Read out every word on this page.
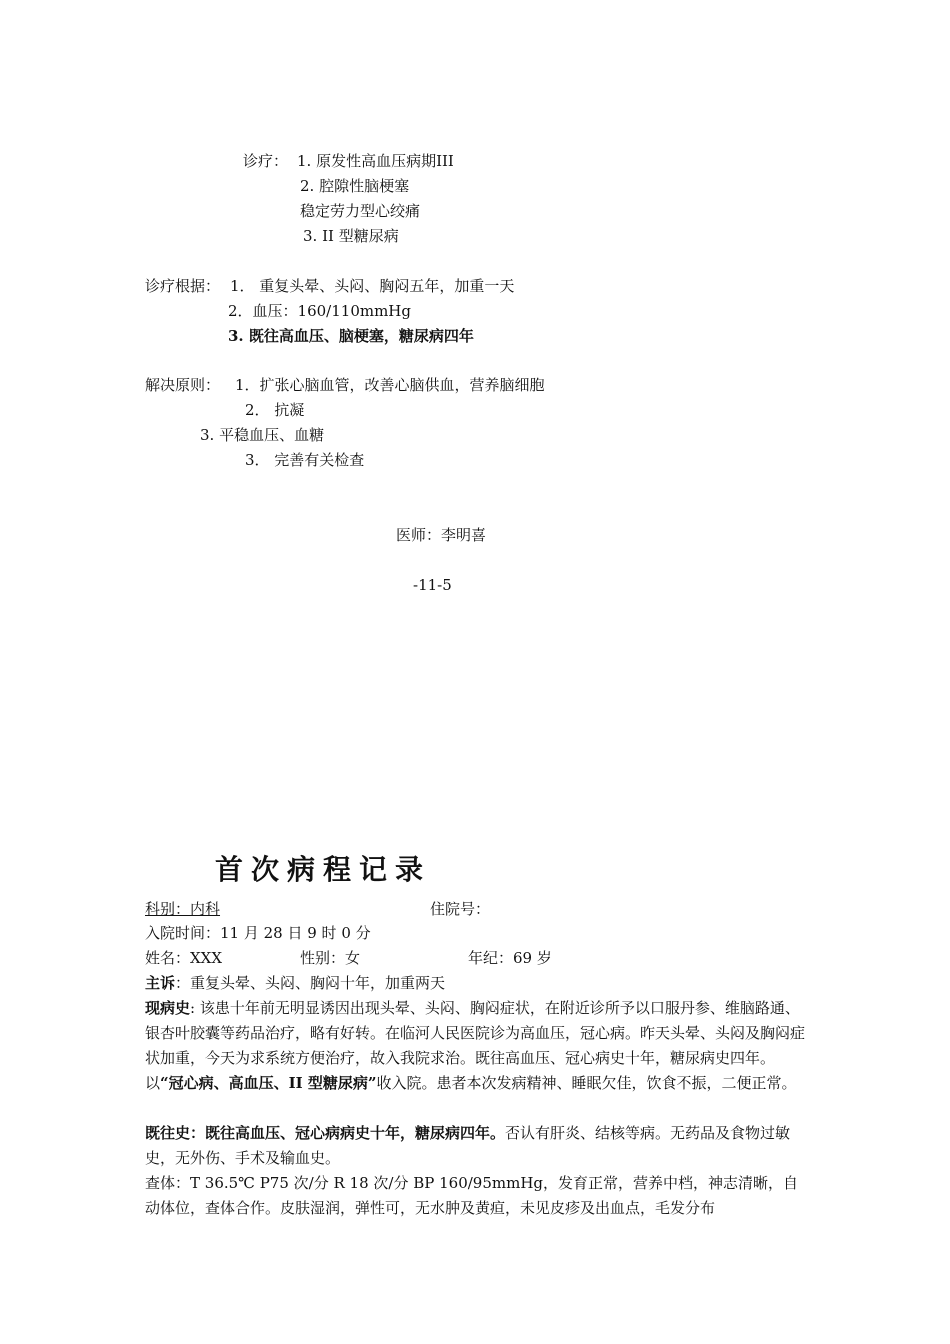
诊疗： 1. 原发性高血压病期III
2. 腔隙性脑梗塞
稳定劳力型心绞痛
3. II 型糖尿病
诊疗根据： 1． 重复头晕、头闷、胸闷五年，加重一天
2．血压：160/110mmHg
3. 既往高血压、脑梗塞，糖尿病四年
解决原则： 1．扩张心脑血管，改善心脑供血，营养脑细胞
2． 抗凝
3. 平稳血压、血糖
3． 完善有关检查
医师：李明喜
-11-5
首次病程记录
科别：内科	住院号：

入院时间：11 月 28 日 9 时 0 分
姓名：XXX	性别：女	年纪：69 岁
主诉：重复头晕、头闷、胸闷十年，加重两天
现病史: 该患十年前无明显诱因出现头晕、头闷、胸闷症状，在附近诊所予以口服丹参、维脑路通、银杏叶胶囊等药品治疗，略有好转。在临河人民医院诊为高血压，冠心病。昨天头晕、头闷及胸闷症状加重，今天为求系统方便治疗，故入我院求治。既往高血压、冠心病史十年，糖尿病史四年。以“冠心病、高血压、II 型糖尿病”收入院。患者本次发病精神、睡眠欠佳，饮食不振，二便正常。
既往史：既往高血压、冠心病病史十年，糖尿病四年。否认有肝炎、结核等病。无药品及食物过敏史，无外伤、手术及输血史。
查体：T 36.5℃ P75 次/分 R 18 次/分 BP 160/95mmHg，发育正常，营养中档，神志清晰，自动体位，查体合作。皮肤湿润，弹性可，无水肿及黄疸，未见皮疹及出血点，毛发分布
